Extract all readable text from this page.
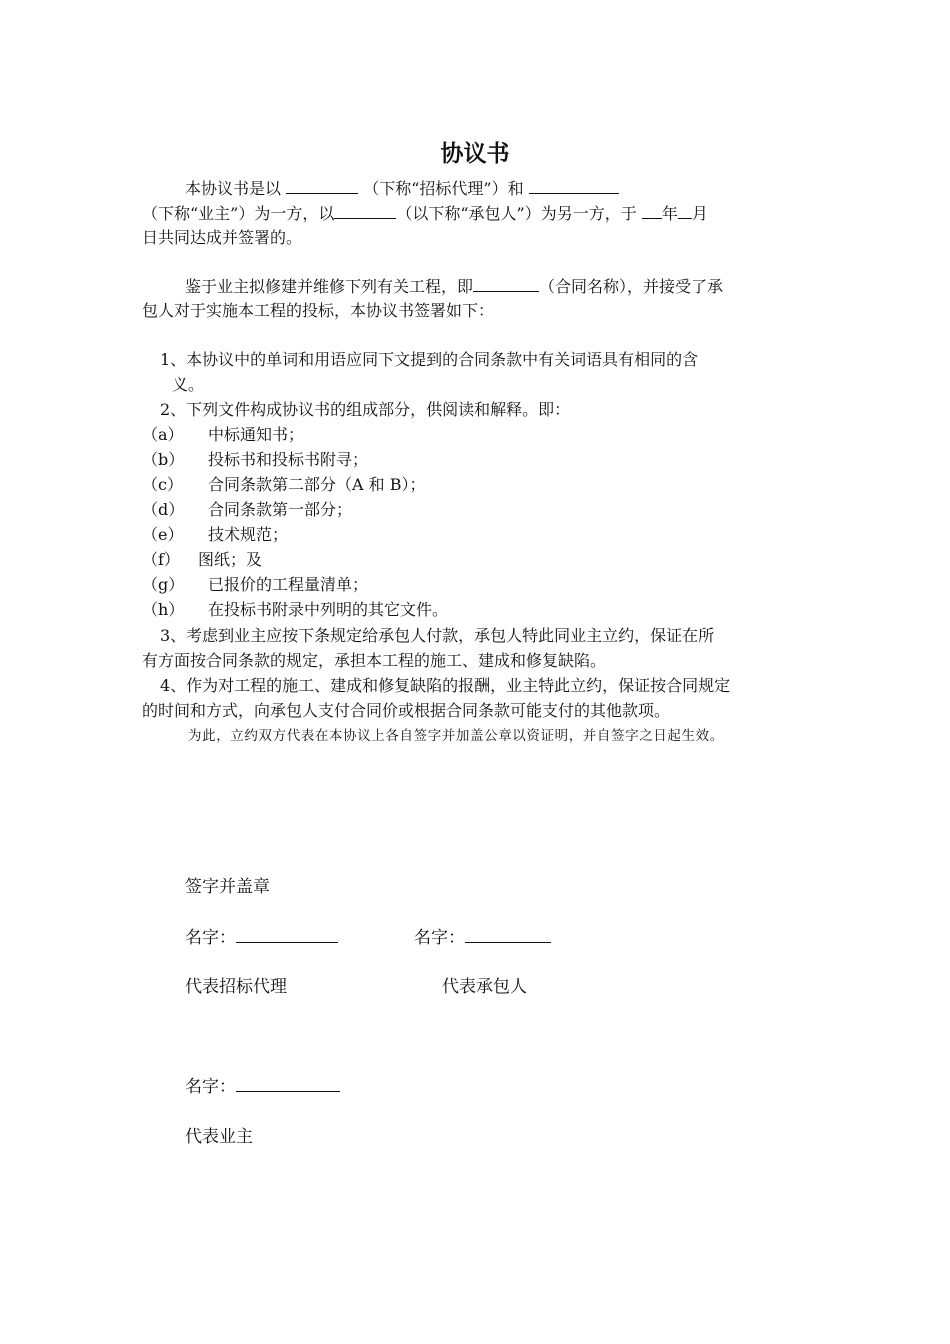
协议书
本协议书是以	（下称“招标代理”）和
（下称“业主”）为一方，以	（以下称“承包人”）为另一方，于 年 月
日共同达成并签署的。
鉴于业主拟修建并维修下列有关工程，即	（合同名称），并接受了承
包人对于实施本工程的投标，本协议书签署如下：
1、本协议中的单词和用语应同下文提到的合同条款中有关词语具有相同的含
义。
2、下列文件构成协议书的组成部分，供阅读和解释。即：
（a） 中标通知书；
（b） 投标书和投标书附寻；
（c） 合同条款第二部分（A 和 B）；
（d） 合同条款第一部分；
（e） 技术规范；
（f） 图纸；及
（g） 已报价的工程量清单；
（h） 在投标书附录中列明的其它文件。
3、考虑到业主应按下条规定给承包人付款，承包人特此同业主立约，保证在所
有方面按合同条款的规定，承担本工程的施工、建成和修复缺陷。
4、作为对工程的施工、建成和修复缺陷的报酬，业主特此立约，保证按合同规定
的时间和方式，向承包人支付合同价或根据合同条款可能支付的其他款项。
为此，立约双方代表在本协议上各自签字并加盖公章以资证明，并自签字之日起生效。
签字并盖章
名字：	名字：
代表招标代理	代表承包人
名字：
代表业主
